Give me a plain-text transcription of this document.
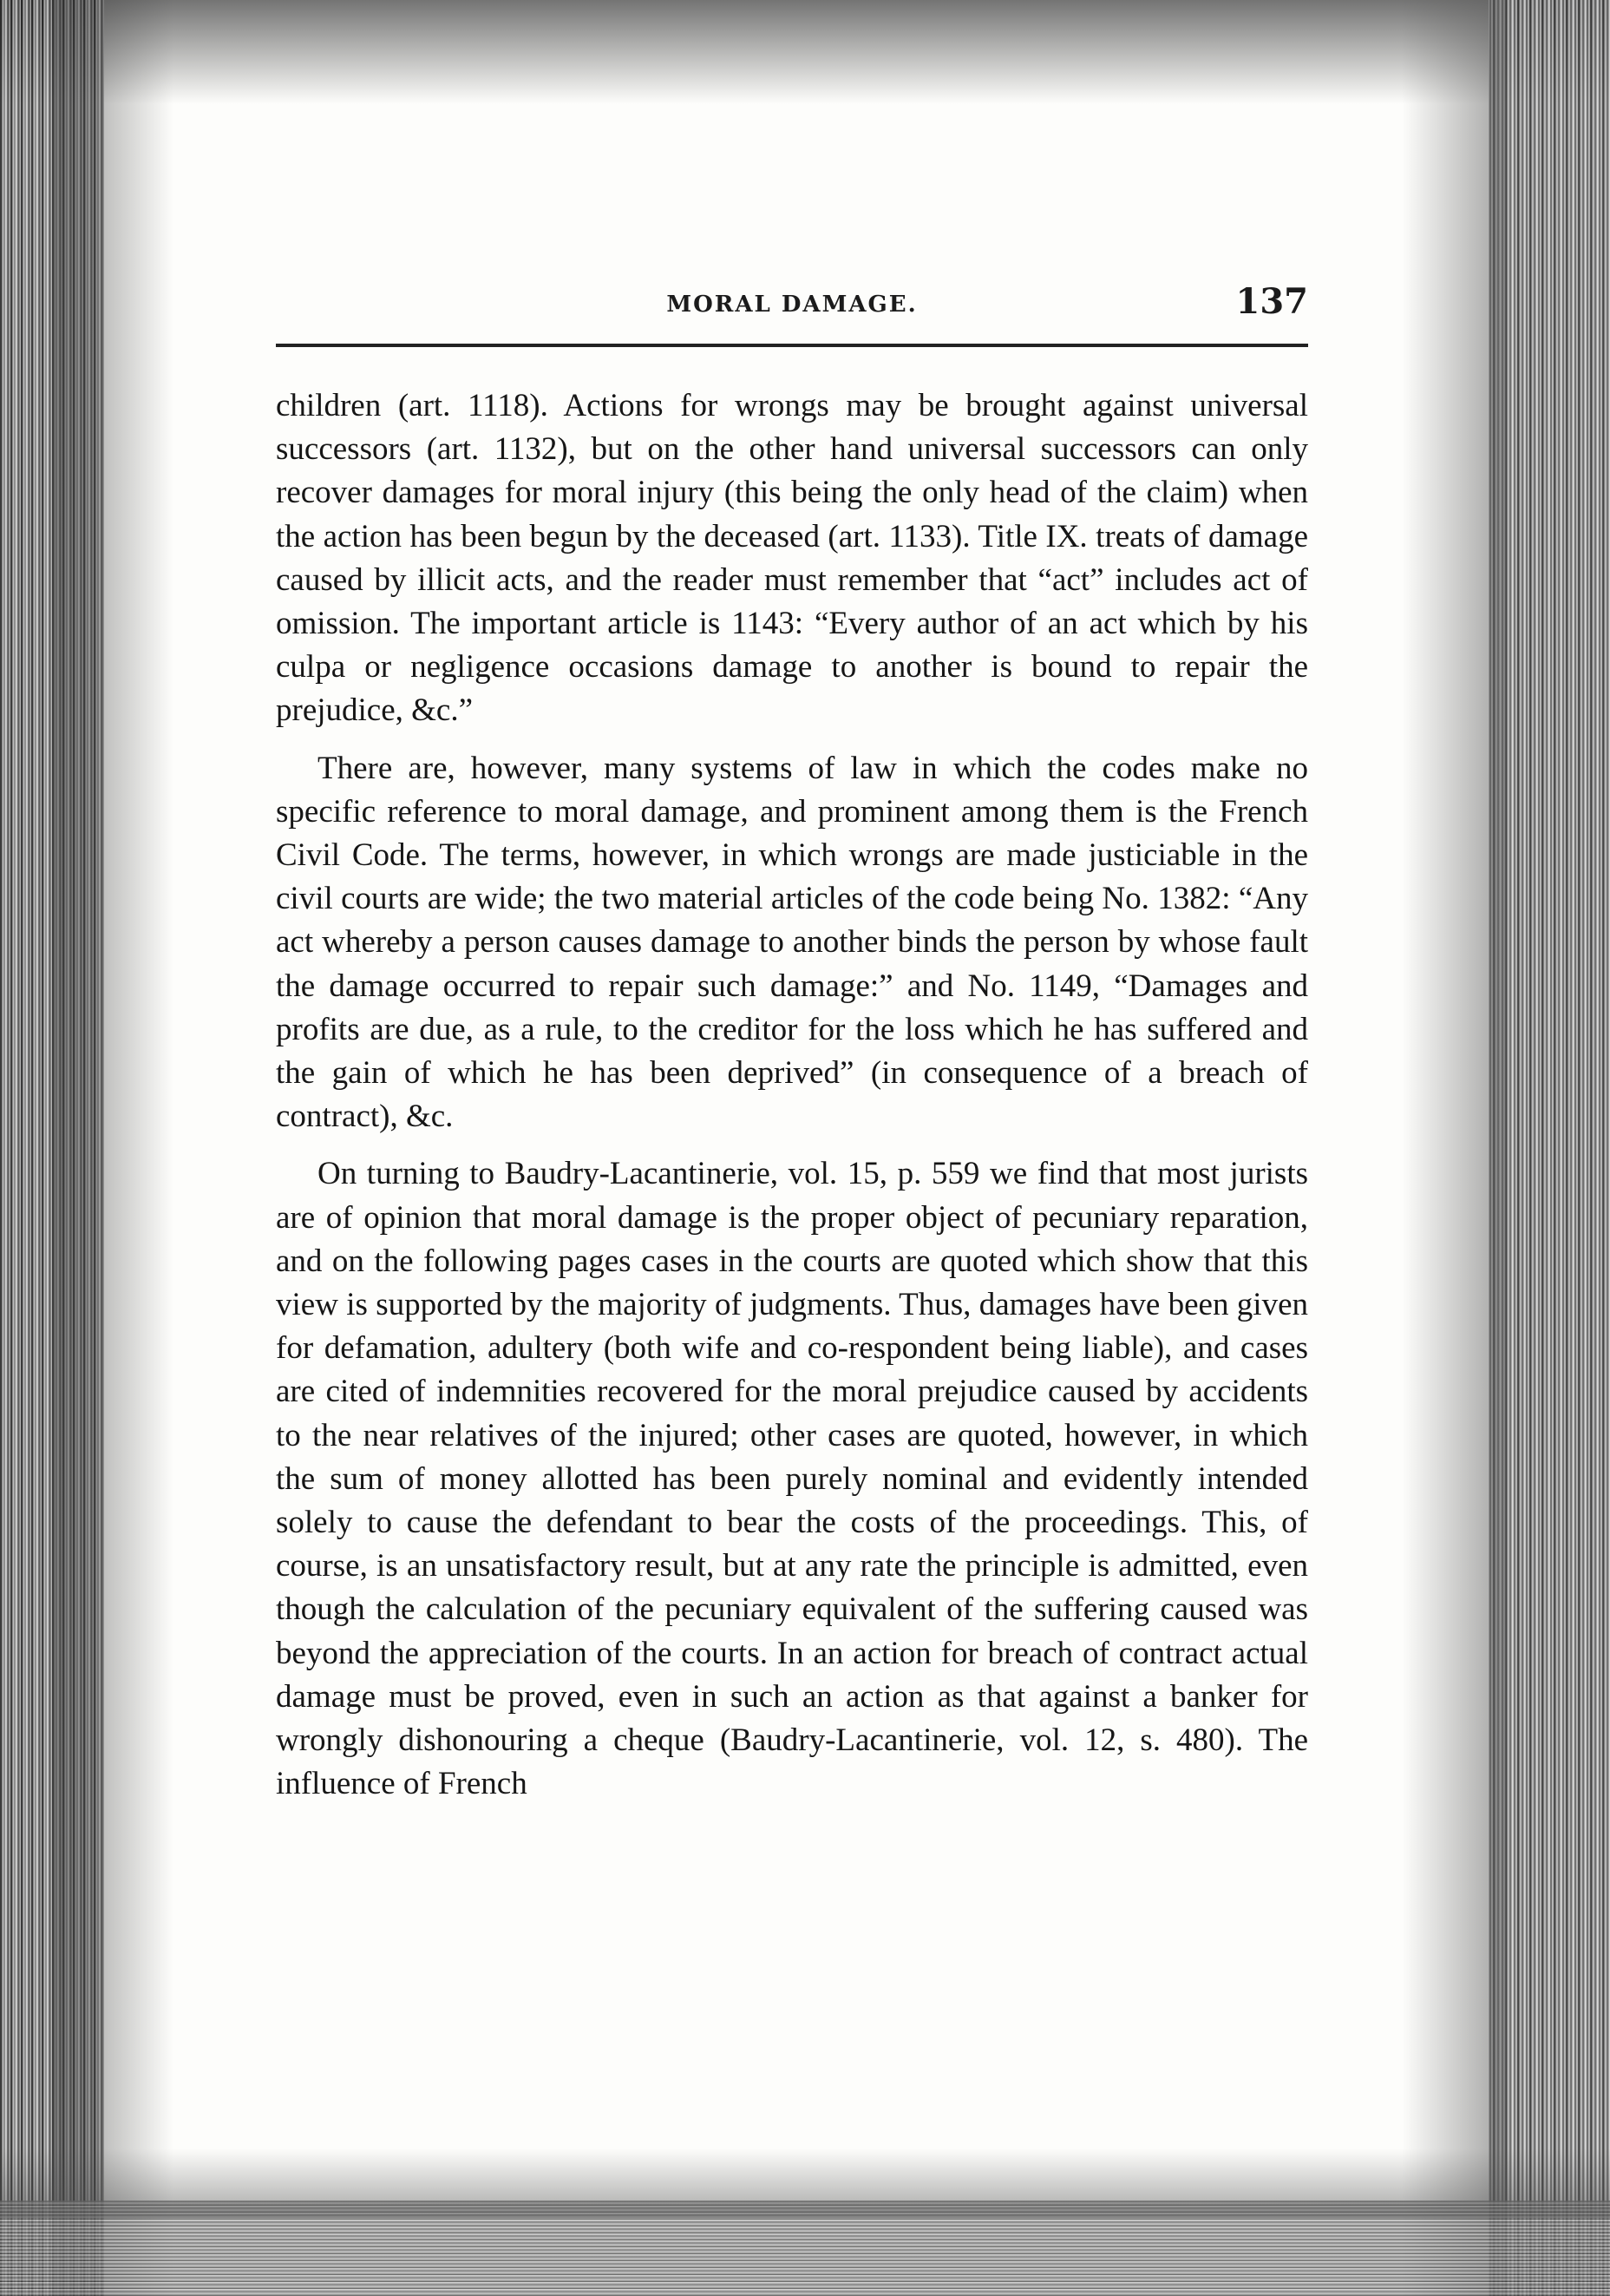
MORAL DAMAGE.	137

children (art. 1118). Actions for wrongs may be brought against universal successors (art. 1132), but on the other hand universal successors can only recover damages for moral injury (this being the only head of the claim) when the action has been begun by the deceased (art. 1133). Title IX. treats of damage caused by illicit acts, and the reader must remember that “act” includes act of omission. The important article is 1143: “Every author of an act which by his culpa or negligence occasions damage to another is bound to repair the prejudice, &c.”

There are, however, many systems of law in which the codes make no specific reference to moral damage, and prominent among them is the French Civil Code. The terms, however, in which wrongs are made justiciable in the civil courts are wide; the two material articles of the code being No. 1382: “Any act whereby a person causes damage to another binds the person by whose fault the damage occurred to repair such damage:” and No. 1149, “Damages and profits are due, as a rule, to the creditor for the loss which he has suffered and the gain of which he has been deprived” (in consequence of a breach of contract), &c.

On turning to Baudry-Lacantinerie, vol. 15, p. 559 we find that most jurists are of opinion that moral damage is the proper object of pecuniary reparation, and on the following pages cases in the courts are quoted which show that this view is supported by the majority of judgments. Thus, damages have been given for defamation, adultery (both wife and co-respondent being liable), and cases are cited of indemnities recovered for the moral prejudice caused by accidents to the near relatives of the injured; other cases are quoted, however, in which the sum of money allotted has been purely nominal and evidently intended solely to cause the defendant to bear the costs of the proceedings. This, of course, is an unsatisfactory result, but at any rate the principle is admitted, even though the calculation of the pecuniary equivalent of the suffering caused was beyond the appreciation of the courts. In an action for breach of contract actual damage must be proved, even in such an action as that against a banker for wrongly dishonouring a cheque (Baudry-Lacantinerie, vol. 12, s. 480). The influence of French
